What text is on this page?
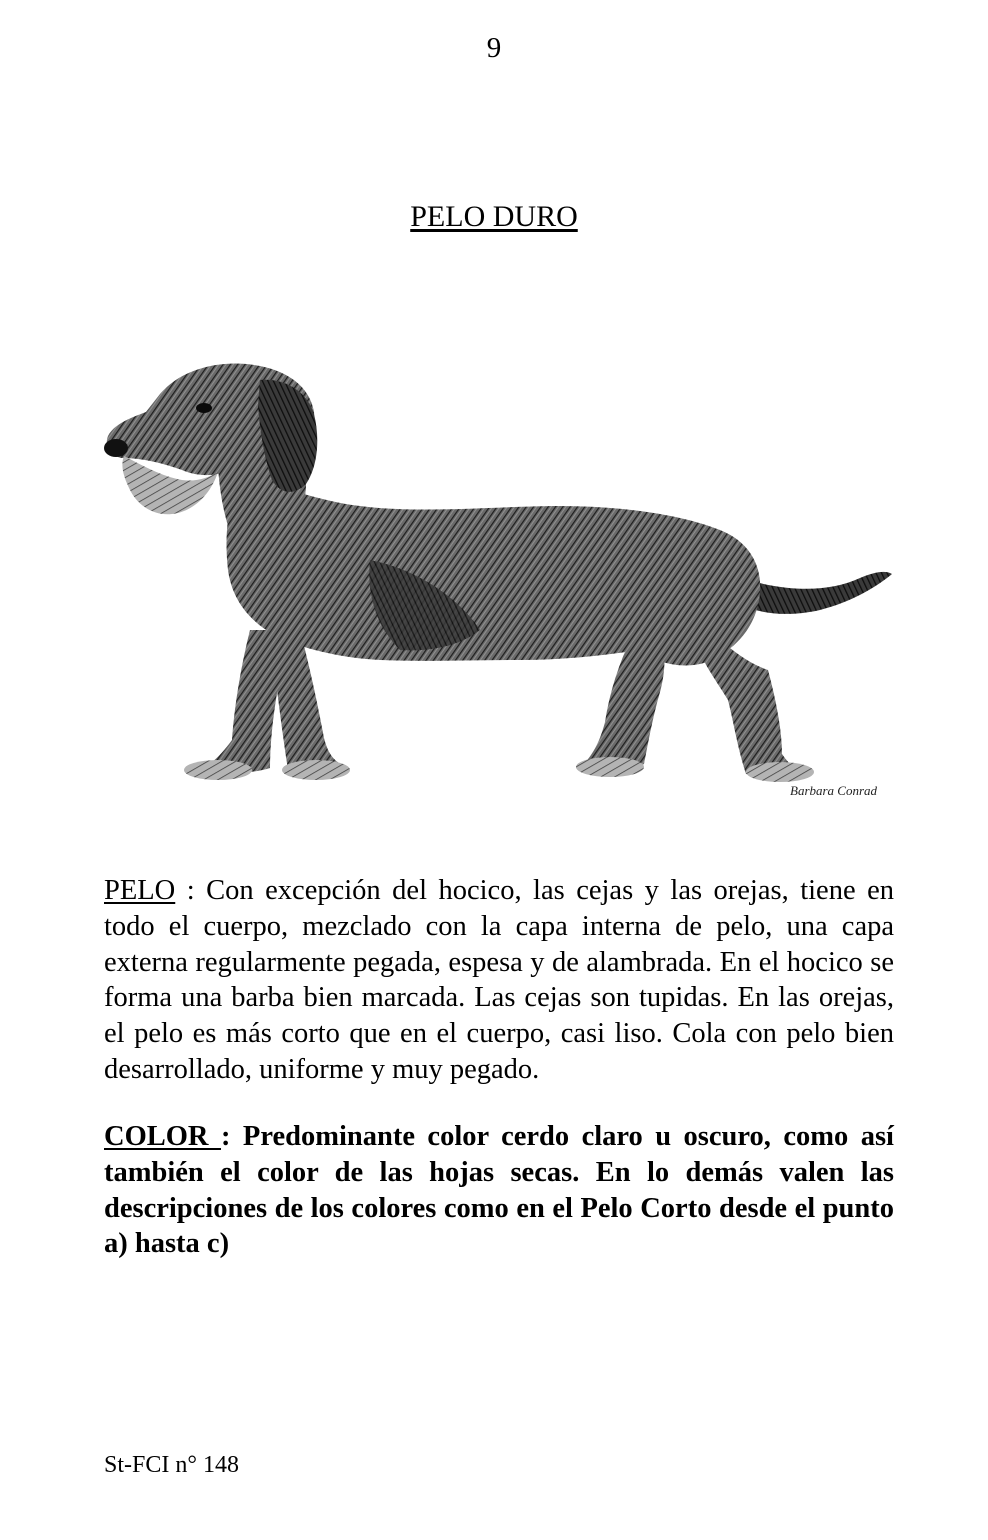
9
PELO DURO
Barbara Conrad
PELO : Con excepción del hocico, las cejas y las orejas, tiene en todo el cuerpo, mezclado con la capa interna de pelo, una capa externa regularmente pegada, espesa y de alambrada. En el hocico se forma una barba bien marcada. Las cejas son tupidas. En las orejas, el pelo es más corto que en el cuerpo, casi liso. Cola con pelo bien desarrollado, uniforme y muy pegado.
COLOR : Predominante color cerdo claro u oscuro, como así también el color de las hojas secas. En lo demás valen las descripciones de los colores como en el Pelo Corto desde el punto a) hasta c)
St-FCI n° 148
